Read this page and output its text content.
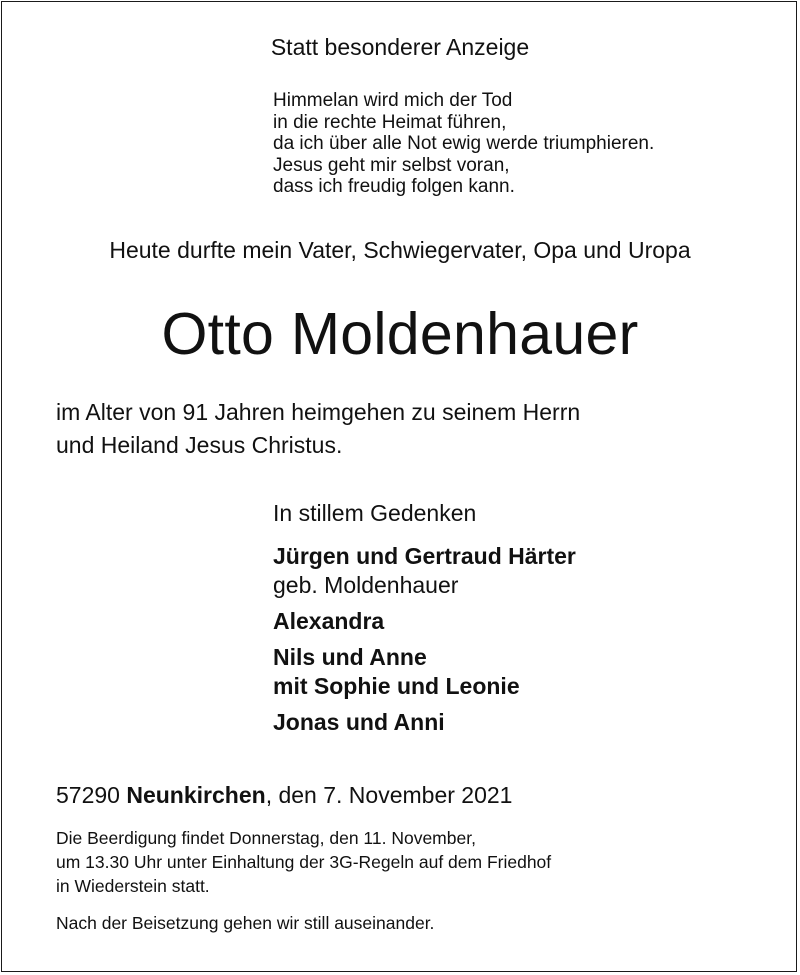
Statt besonderer Anzeige
Himmelan wird mich der Tod
in die rechte Heimat führen,
da ich über alle Not ewig werde triumphieren.
Jesus geht mir selbst voran,
dass ich freudig folgen kann.
Heute durfte mein Vater, Schwiegervater, Opa und Uropa
Otto Moldenhauer
im Alter von 91 Jahren heimgehen zu seinem Herrn
und Heiland Jesus Christus.
In stillem Gedenken
Jürgen und Gertraud Härter
geb. Moldenhauer
Alexandra
Nils und Anne
mit Sophie und Leonie
Jonas und Anni
57290 Neunkirchen, den 7. November 2021
Die Beerdigung findet Donnerstag, den 11. November,
um 13.30 Uhr unter Einhaltung der 3G-Regeln auf dem Friedhof
in Wiederstein statt.
Nach der Beisetzung gehen wir still auseinander.
